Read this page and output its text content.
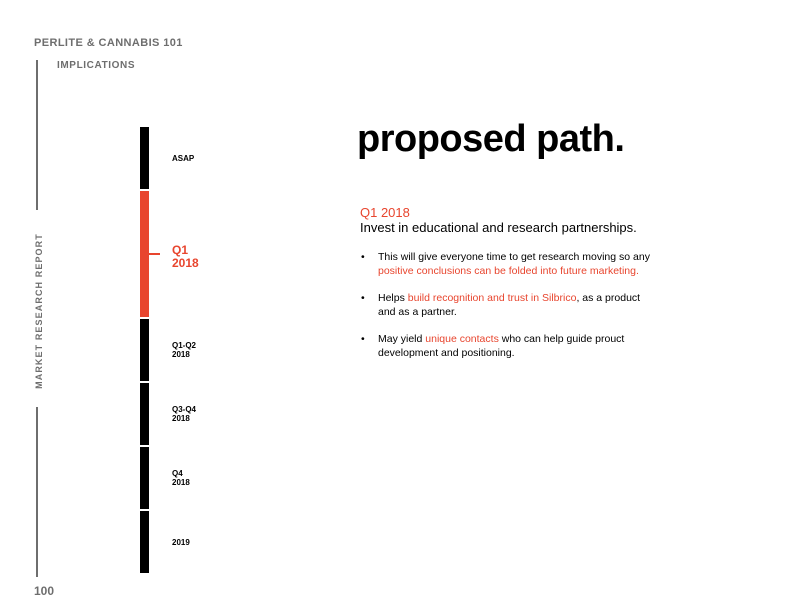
PERLITE & CANNABIS 101
IMPLICATIONS
MARKET RESEARCH REPORT
100
proposed path.
Q1 2018
Invest in educational and research partnerships.
• This will give everyone time to get research moving so any positive conclusions can be folded into future marketing.
• Helps build recognition and trust in Silbrico, as a product and as a partner.
• May yield unique contacts who can help guide prouct development and positioning.
ASAP
Q1
2018
Q1-Q2
2018
Q3-Q4
2018
Q4
2018
2019
